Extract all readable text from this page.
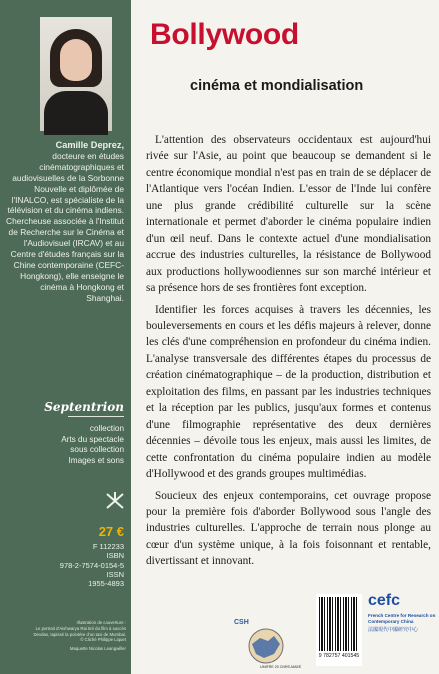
Camille Deprez,
docteure en études cinématographiques et audiovisuelles de la Sorbonne Nouvelle et diplômée de l'INALCO, est spécialiste de la télévision et du cinéma indiens. Chercheuse associée à l'Institut de Recherche sur le Cinéma et l'Audiovisuel (IRCAV) et au Centre d'études français sur la Chine contemporaine (CEFC-Hongkong), elle enseigne le cinéma à Hongkong et Shanghai.
Septentrion
collection
Arts du spectacle
sous collection
Images et sons
27 €
F 112233
ISBN
978-2-7574-0154-5
ISSN
1955-4893
Illustration de couverture :
Le portrait d'Aishwarya Rai tiré du film à succès
Devdas, tapissé la pointère d'un taxi de Mumbai.
© Cliché Philippe Liquet
Maquette Nicolas Leangwiller
Bollywood
cinéma et mondialisation

L'attention des observateurs occidentaux est aujourd'hui rivée sur l'Asie, au point que beaucoup se demandent si le centre économique mondial n'est pas en train de se déplacer de l'Atlantique vers l'océan Indien. L'essor de l'Inde lui confère une plus grande crédibilité culturelle sur la scène internationale et permet d'aborder le cinéma populaire indien d'un œil neuf. Dans le contexte actuel d'une mondialisation accrue des industries culturelles, la résistance de Bollywood aux productions hollywoodiennes sur son marché intérieur et sa présence hors de ses frontières font exception.

Identifier les forces acquises à travers les décennies, les bouleversements en cours et les défis majeurs à relever, donne les clés d'une compréhension en profondeur du cinéma indien. L'analyse transversale des différentes étapes du processus de création cinématographique – de la production, distribution et exploitation des films, en passant par les industries techniques et la réception par les publics, jusqu'aux formes et contenus d'une filmographie représentative des deux dernières décennies – dévoile tous les enjeux, mais aussi les limites, de cette confrontation du cinéma populaire indien au modèle d'Hollywood et des grands groupes multimédias.

Soucieux des enjeux contemporains, cet ouvrage propose pour la première fois d'aborder Bollywood sous l'angle des industries culturelles. L'approche de terrain nous plonge au cœur d'un système unique, à la fois foisonnant et rentable, divertissant et innovant.

CSH
UMIFRE 20 CNRS-MAEE
9 782757 401545
cefc
French Centre for Research on Contemporary China
法國現代中國研究中心
